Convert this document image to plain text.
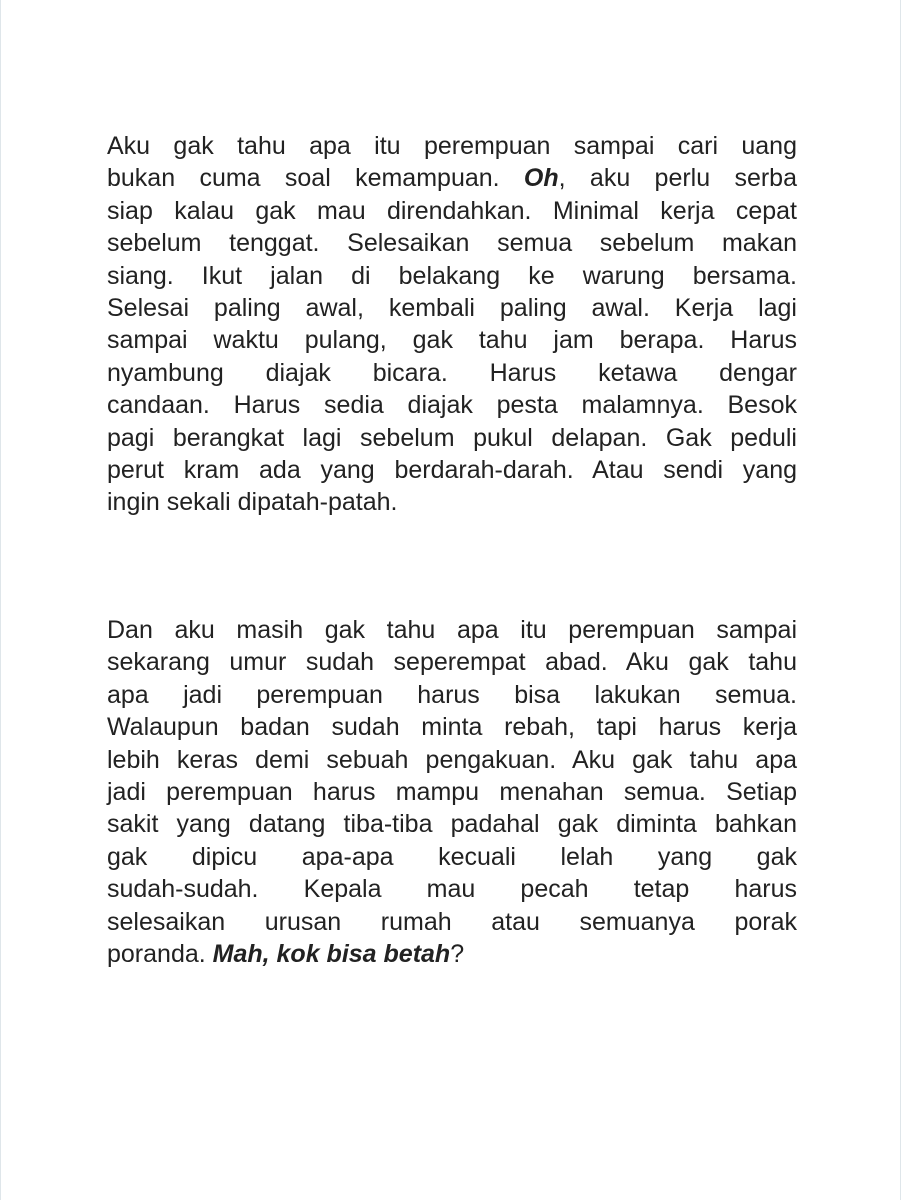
Aku gak tahu apa itu perempuan sampai cari uang
bukan cuma soal kemampuan. Oh, aku perlu serba
siap kalau gak mau direndahkan. Minimal kerja cepat
sebelum tenggat. Selesaikan semua sebelum makan
siang. Ikut jalan di belakang ke warung bersama.
Selesai paling awal, kembali paling awal. Kerja lagi
sampai waktu pulang, gak tahu jam berapa. Harus
nyambung diajak bicara. Harus ketawa dengar
candaan. Harus sedia diajak pesta malamnya. Besok
pagi berangkat lagi sebelum pukul delapan. Gak peduli
perut kram ada yang berdarah-darah. Atau sendi yang
ingin sekali dipatah-patah.
Dan aku masih gak tahu apa itu perempuan sampai
sekarang umur sudah seperempat abad. Aku gak tahu
apa jadi perempuan harus bisa lakukan semua.
Walaupun badan sudah minta rebah, tapi harus kerja
lebih keras demi sebuah pengakuan. Aku gak tahu apa
jadi perempuan harus mampu menahan semua. Setiap
sakit yang datang tiba-tiba padahal gak diminta bahkan
gak dipicu apa-apa kecuali lelah yang gak
sudah-sudah. Kepala mau pecah tetap harus
selesaikan urusan rumah atau semuanya porak
poranda. Mah, kok bisa betah?
